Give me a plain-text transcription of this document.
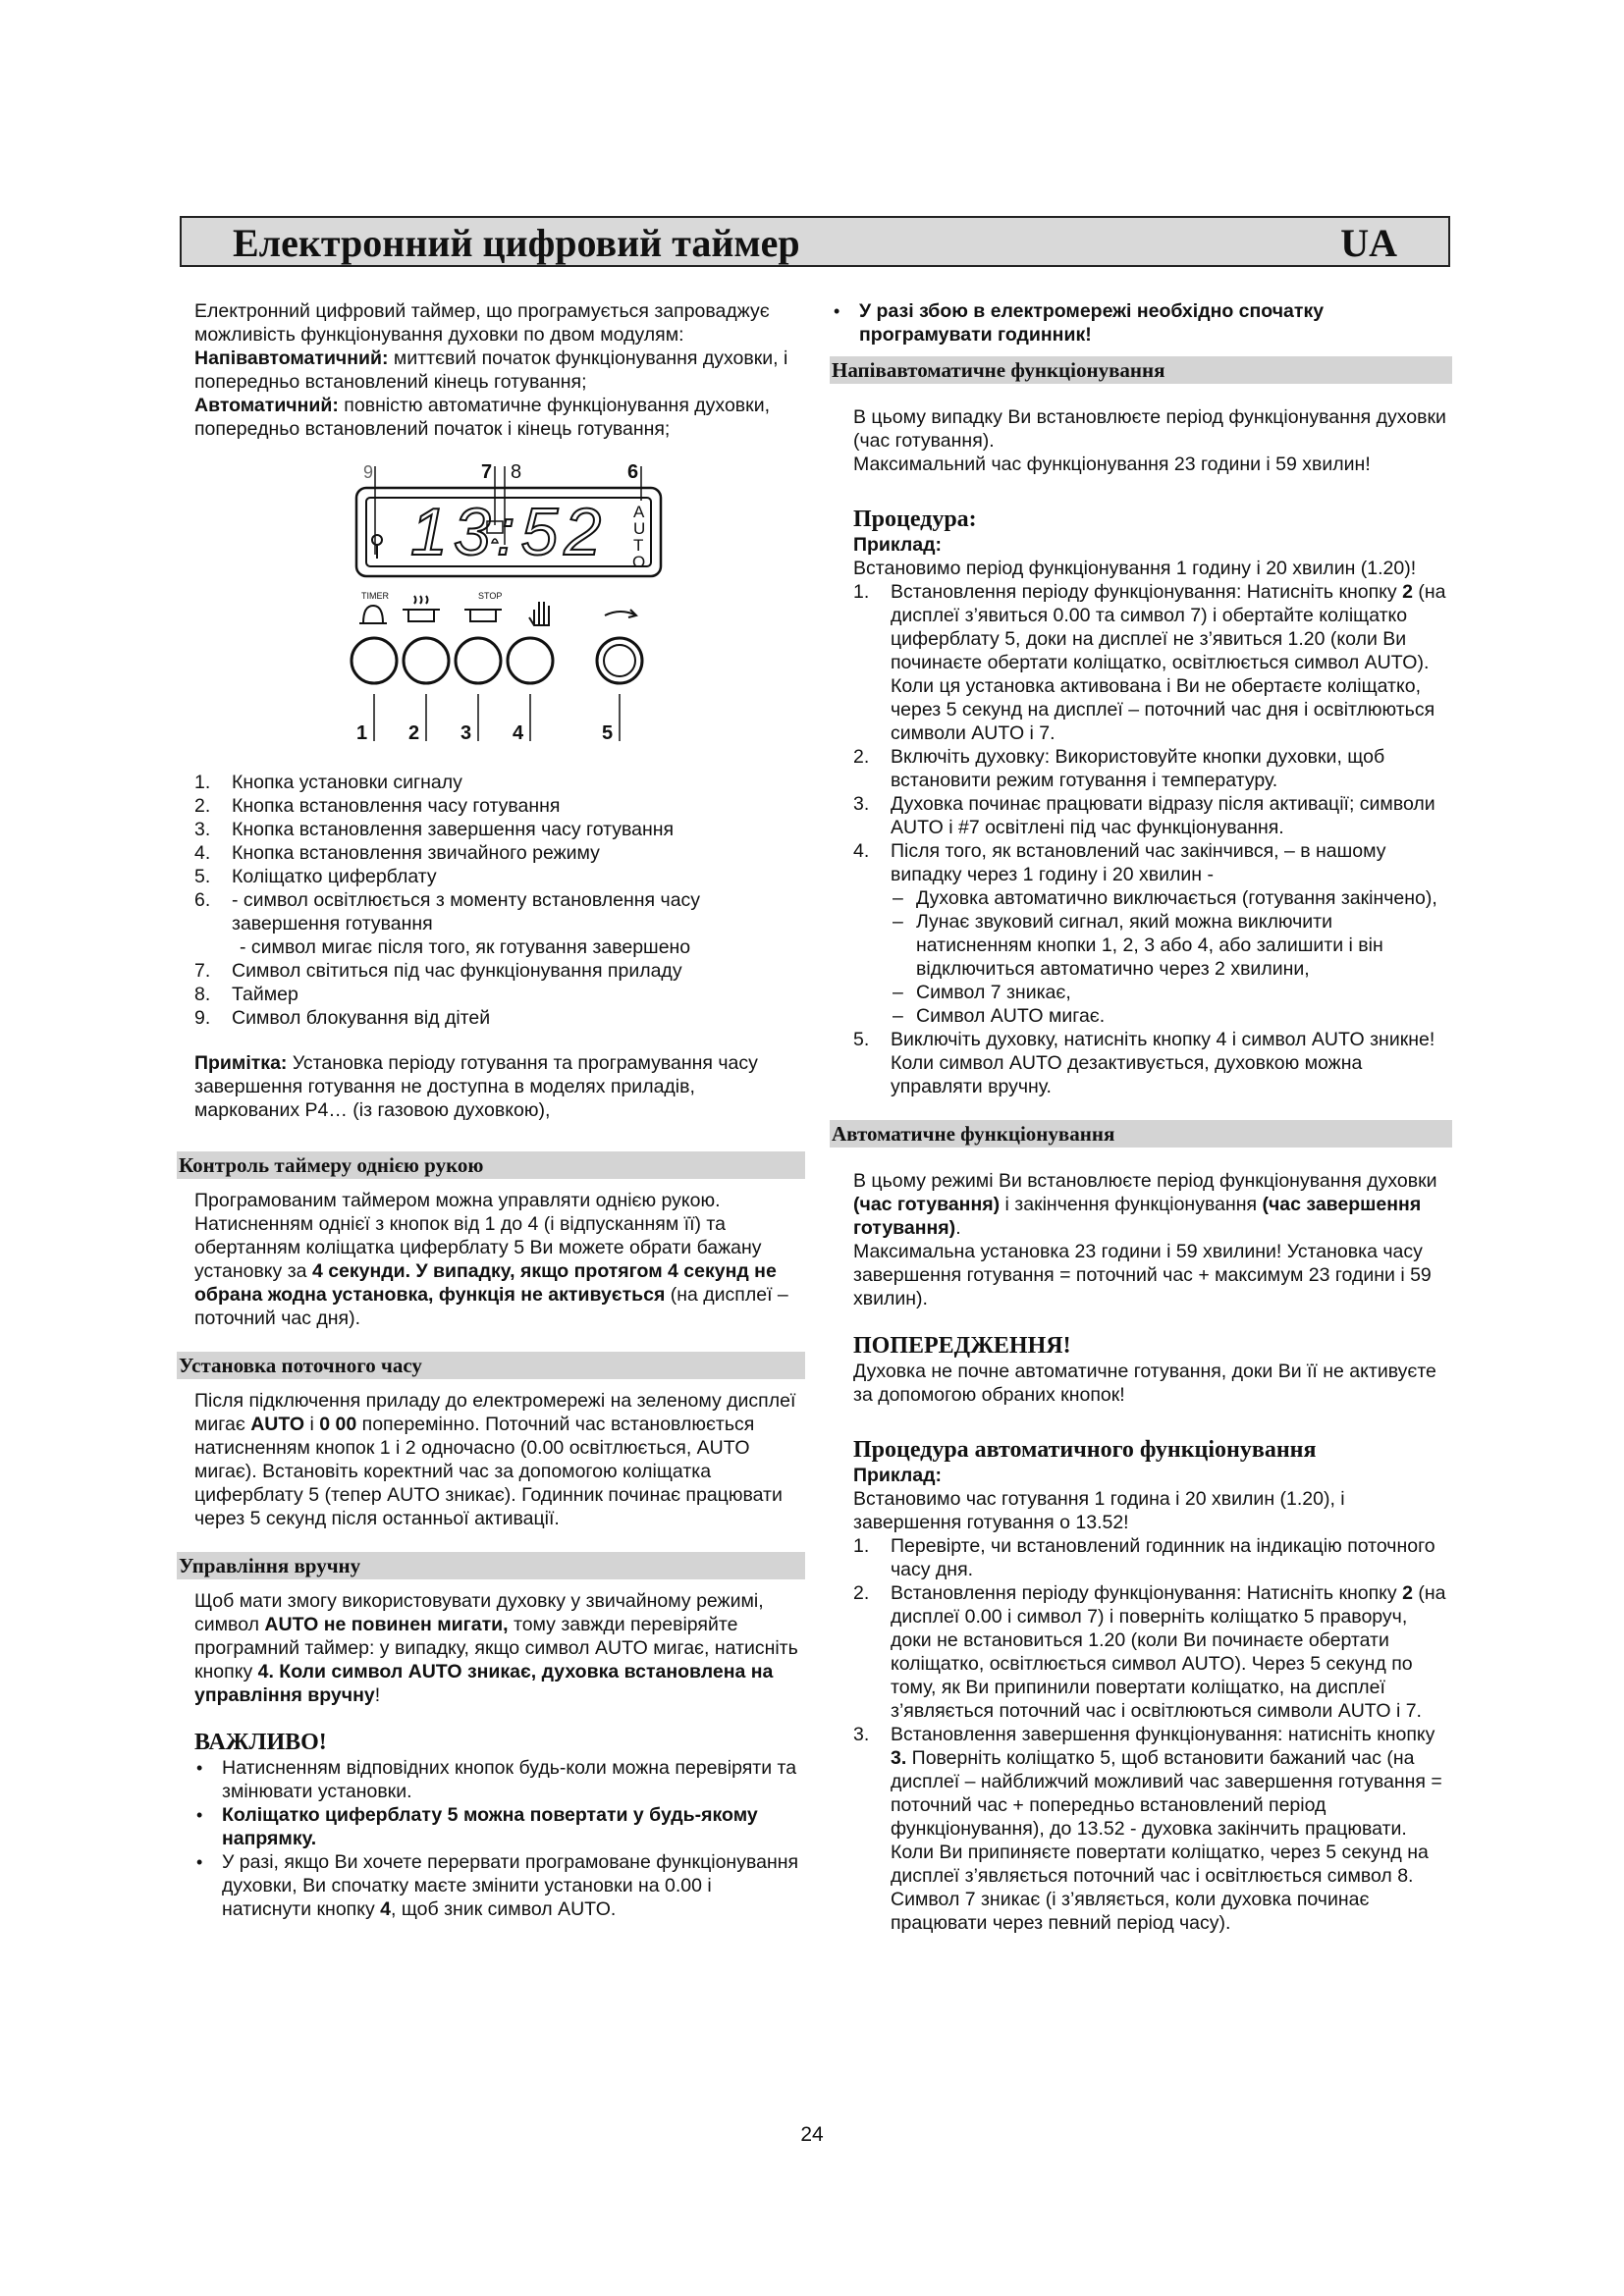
Електронний цифровий таймер	UA

Електронний цифровий таймер, що програмується запроваджує можливість функціонування духовки по двом модулям:

Напівавтоматичний: миттєвий початок функціонування духовки, і попередньо встановлений кінець готування;

Автоматичний: повністю автоматичне функціонування духовки, попередньо встановлений початок і кінець готування;

9	7 8	6
13:52 A
U
T
O
TIMER	STOP
1 2 3 4	5
1. Кнопка установки сигналу
2. Кнопка встановлення часу готування
3. Кнопка встановлення завершення часу готування
4. Кнопка встановлення звичайного режиму
5. Коліщатко циферблату
6. - символ освітлюється з моменту встановлення часу завершення готування
- символ мигає після того, як готування завершено
7. Символ світиться під час функціонування приладу
8. Таймер
9. Символ блокування від дітей

Примітка: Установка періоду готування та програмування часу завершення готування не доступна в моделях приладів, маркованих Р4… (із газовою духовкою),

Контроль таймеру однією рукою

Програмованим таймером можна управляти однією рукою. Натисненням однієї з кнопок від 1 до 4 (і відпусканням її) та обертанням коліщатка циферблату 5 Ви можете обрати бажану установку за 4 секунди. У випадку, якщо протягом 4 секунд не обрана жодна установка, функція не активується (на дисплеї – поточний час дня).

Установка поточного часу

Після підключення приладу до електромережі на зеленому дисплеї мигає AUTO і 0 00 поперемінно. Поточний час встановлюється натисненням кнопок 1 і 2 одночасно (0.00 освітлюється, AUTO мигає). Встановіть коректний час за допомогою коліщатка циферблату 5 (тепер AUTO зникає). Годинник починає працювати через 5 секунд після останньої активації.

Управління вручну

Щоб мати змогу використовувати духовку у звичайному режимі, символ AUTO не повинен мигати, тому завжди перевіряйте програмний таймер: у випадку, якщо символ AUTO мигає, натисніть кнопку 4. Коли символ AUTO зникає, духовка встановлена на управління вручну!

ВАЖЛИВО!
• Натисненням відповідних кнопок будь-коли можна перевіряти та змінювати установки.
• Коліщатко циферблату 5 можна повертати у будь-якому напрямку.
• У разі, якщо Ви хочете перервати програмоване функціонування духовки, Ви спочатку маєте змінити установки на 0.00 і натиснути кнопку 4, щоб зник символ AUTO.
• У разі збою в електромережі необхідно спочатку програмувати годинник!
Напівавтоматичне функціонування

В цьому випадку Ви встановлюєте період функціонування духовки (час готування).

Максимальний час функціонування 23 години і 59 хвилин!

Процедура:

Приклад:

Встановимо період функціонування 1 годину і 20 хвилин (1.20)!

1. Встановлення періоду функціонування: Натисніть кнопку 2 (на дисплеї з’явиться 0.00 та символ 7) і обертайте коліщатко циферблату 5, доки на дисплеї не з’явиться 1.20 (коли Ви починаєте обертати коліщатко, освітлюється символ AUTO). Коли ця установка активована і Ви не обертаєте коліщатко, через 5 секунд на дисплеї – поточний час дня і освітлюються символи AUTO і 7.
2. Включіть духовку: Використовуйте кнопки духовки, щоб встановити режим готування і температуру.
3. Духовка починає працювати відразу після активації; символи AUTO і #7 освітлені під час функціонування.
4. Після того, як встановлений час закінчився, – в нашому випадку через 1 годину і 20 хвилин -
– Духовка автоматично виключається (готування закінчено),
– Лунає звуковий сигнал, який можна виключити натисненням кнопки 1, 2, 3 або 4, або залишити і він відключиться автоматично через 2 хвилини,
– Символ 7 зникає,
– Символ AUTO мигає.
5. Виключіть духовку, натисніть кнопку 4 і символ AUTO зникне! Коли символ AUTO дезактивується, духовкою можна управляти вручну.
Автоматичне функціонування

В цьому режимі Ви встановлюєте період функціонування духовки (час готування) і закінчення функціонування (час завершення готування).

Максимальна установка 23 години і 59 хвилини! Установка часу завершення готування = поточний час + максимум 23 години і 59 хвилин).

ПОПЕРЕДЖЕННЯ!

Духовка не почне автоматичне готування, доки Ви її не активуєте за допомогою обраних кнопок!

Процедура автоматичного функціонування

Приклад:

Встановимо час готування 1 година і 20 хвилин (1.20), і завершення готування о 13.52!

1. Перевірте, чи встановлений годинник на індикацію поточного часу дня.
2. Встановлення періоду функціонування: Натисніть кнопку 2 (на дисплеї 0.00 і символ 7) і поверніть коліщатко 5 праворуч, доки не встановиться 1.20 (коли Ви починаєте обертати коліщатко, освітлюється символ AUTO). Через 5 секунд по тому, як Ви припинили повертати коліщатко, на дисплеї з’являється поточний час і освітлюються символи AUTO і 7.
3. Встановлення завершення функціонування: натисніть кнопку 3. Поверніть коліщатко 5, щоб встановити бажаний час (на дисплеї – найближчий можливий час завершення готування = поточний час + попередньо встановлений період функціонування), до 13.52 - духовка закінчить працювати. Коли Ви припиняєте повертати коліщатко, через 5 секунд на дисплеї з’являється поточний час і освітлюється символ 8. Символ 7 зникає (і з’являється, коли духовка починає працювати через певний період часу).
24
